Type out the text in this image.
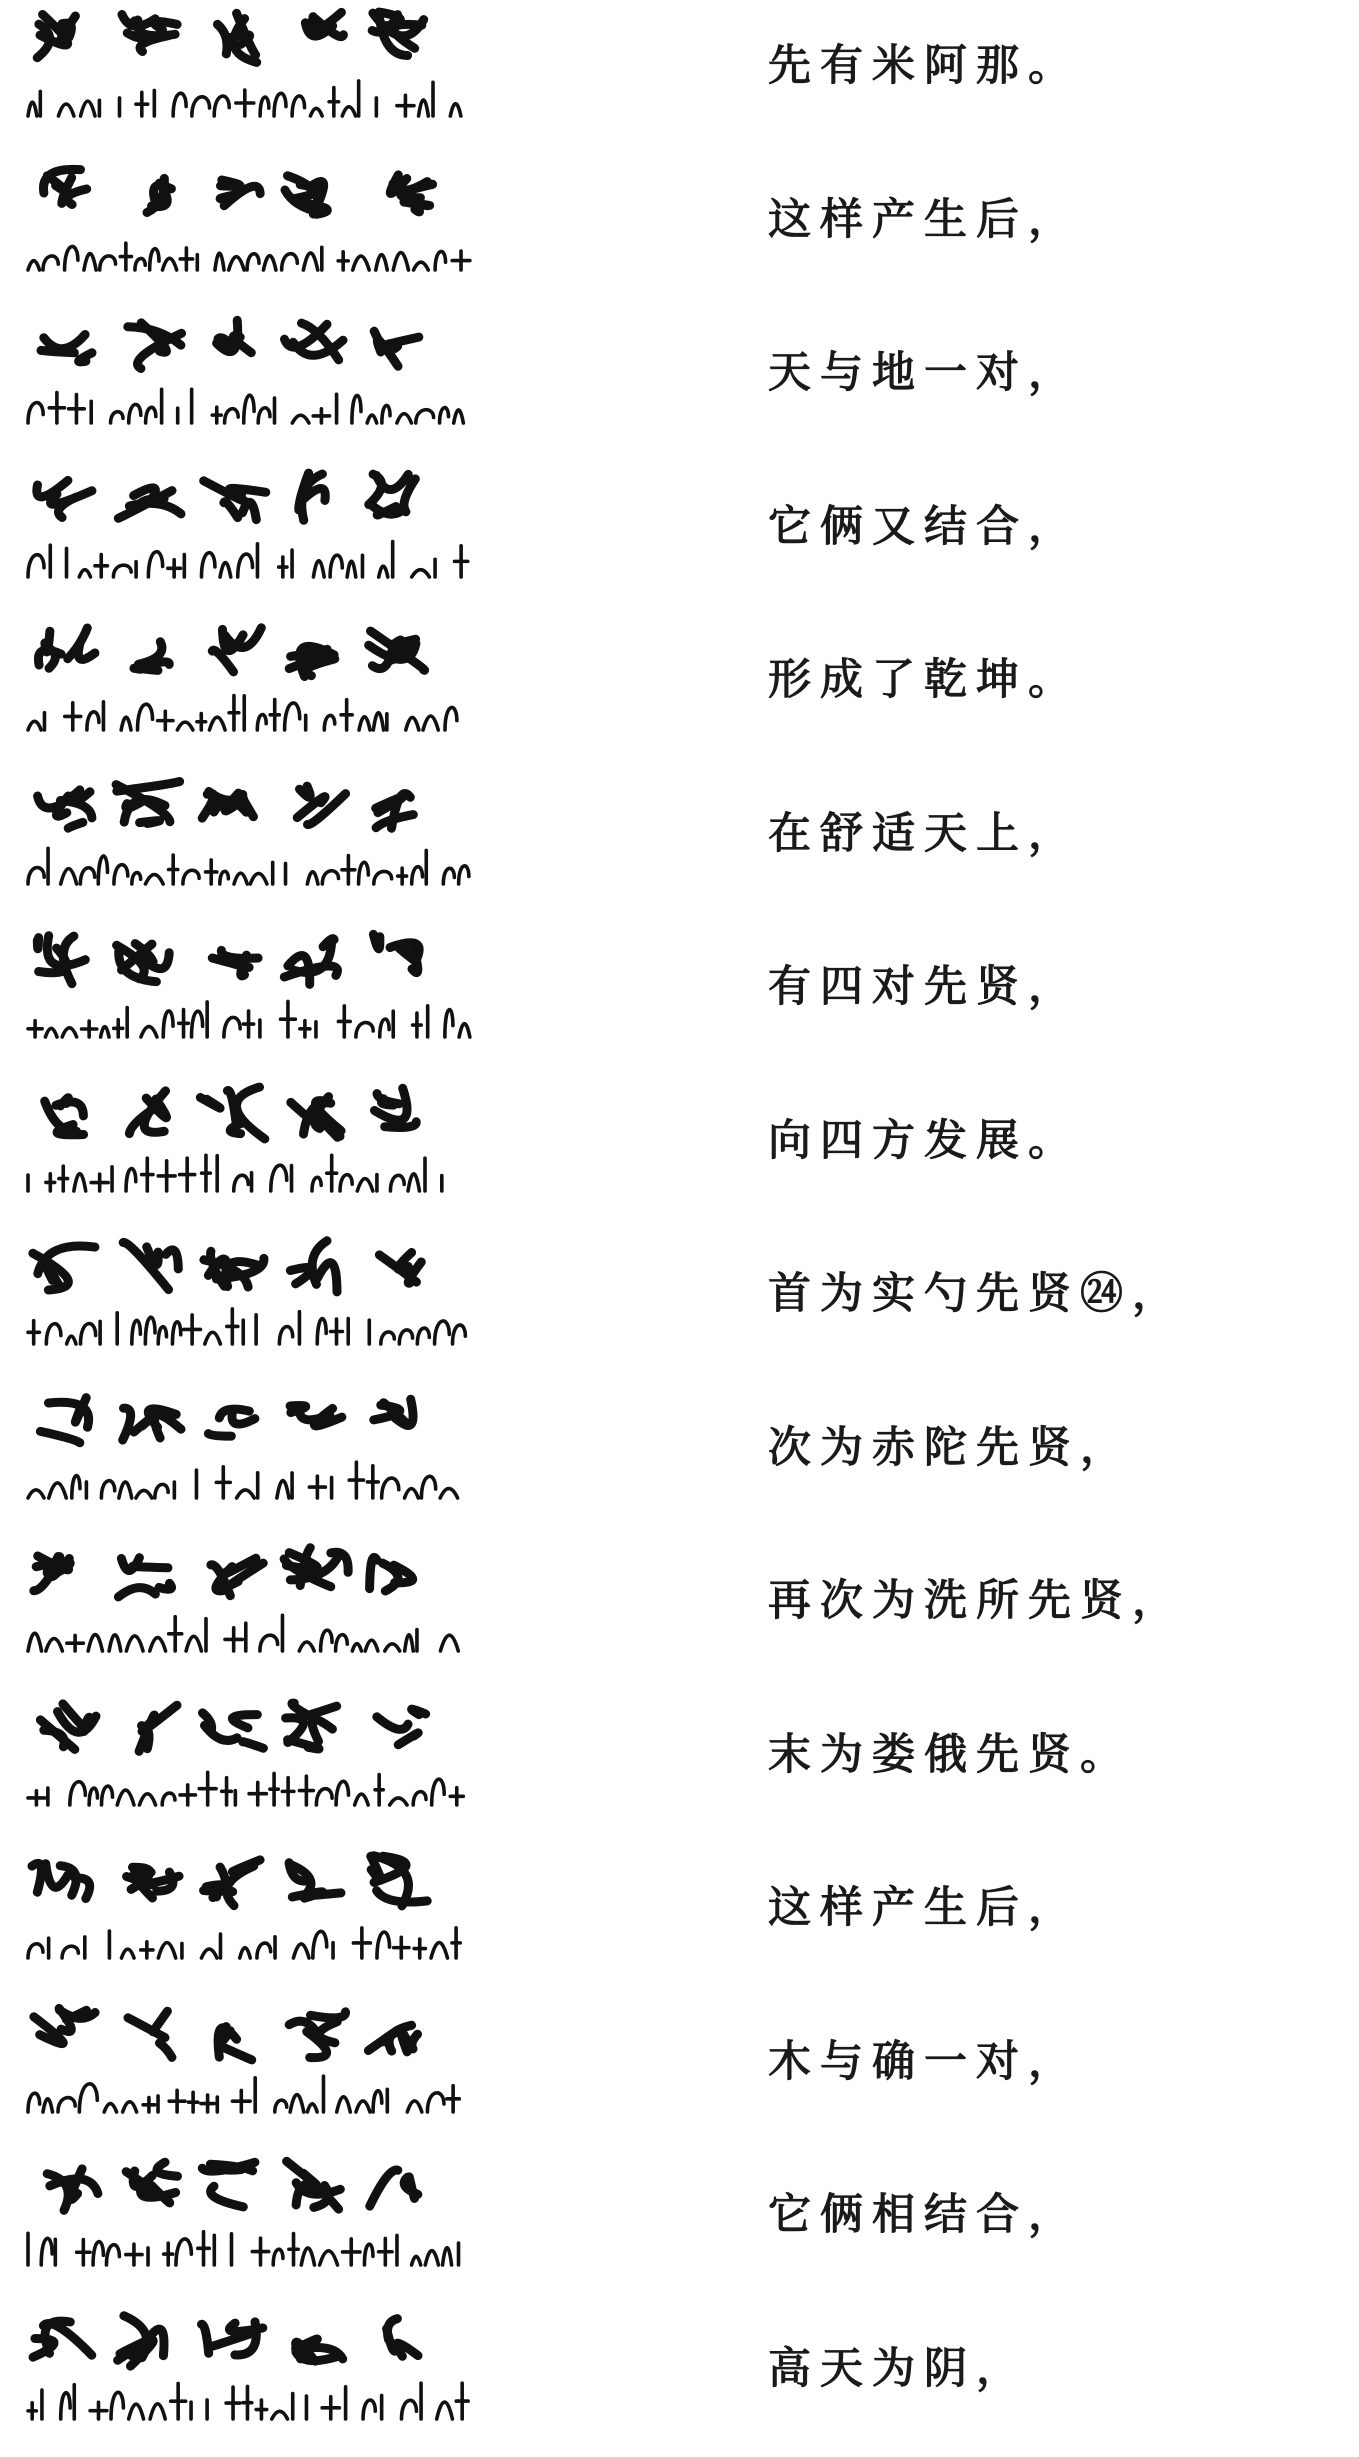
先有米阿那。
这样产生后，
天与地一对，
它俩又结合，
形成了乾坤。
在舒适天上，
有四对先贤，
向四方发展。
首为实勺先贤㉔，
次为赤陀先贤，
再次为洗所先贤，
末为娄俄先贤。
这样产生后，
木与确一对，
它俩相结合，
高天为阴，
